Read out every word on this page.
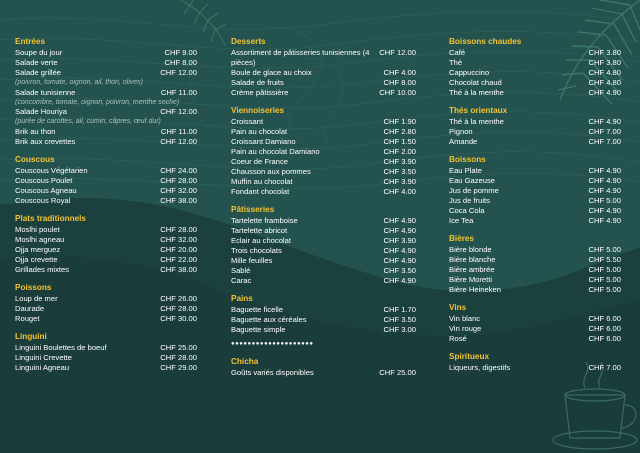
Entrées
Soupe du jour	CHF 9.00
Salade verte	CHF 8.00
Salade grillée	CHF 12.00
(poivron, tomate, oignon, ail, thon, olives)
Salade tunisienne	CHF 11.00
(concombre, tomate, oignon, poivron, menthe seche)
Salade Houriya	CHF 12.00
(purée de carottes, ail, cumin, câpres, œuf dur)
Brik au thon	CHF 11.00
Brik aux crevettes	CHF 12.00
Couscous
Couscous Végétarien	CHF 24.00
Couscous Poulet	CHF 28.00
Couscous Agneau	CHF 32.00
Couscous Royal	CHF 38.00
Plats traditionnels
Moslhi poulet	CHF 28.00
Moslhi agneau	CHF 32.00
Ojja merguez	CHF 20.00
Ojja crevette	CHF 22.00
Grillades mixtes	CHF 38.00
Poissons
Loup de mer	CHF 26.00
Daurade	CHF 28.00
Rouget	CHF 30.00
Linguini
Linguini Boulettes de boeuf	CHF 25.00
Linguini Crevette	CHF 28.00
Linguini Agneau	CHF 29.00
Desserts
Assortiment de pâtisseries tunisiennes (4 pièces)
CHF 12.00
Boule de glace au choix	CHF 4.00
Salade de fruits	CHF 8.00
Crème pâtissière	CHF 10.00
Viennoiseries
Croissant	CHF 1.90
Pain au chocolat	CHF 2.80
Croissant Damiano	CHF 1.50
Pain au chocolat Damiano	CHF 2.00
Coeur de France	CHF 3.90
Chausson aux pommes	CHF 3.50
Muffin au chocolat	CHF 3.90
Fondant chocolat	CHF 4.00
Pâtisseries
Tartelette framboise	CHF 4.90
Tartelette abricot	CHF 4.90
Eclair au chocolat	CHF 3.90
Trois chocolats	CHF 4.90
Mille feuilles	CHF 4.90
Sablé	CHF 3.50
Carac	CHF 4.90
Pains
Baguette ficelle	CHF 1.70
Baguette aux céréales	CHF 3.50
Baguette simple	CHF 3.00
●●●●●●●●●●●●●●●●●●●●
Chicha
Goûts variés disponibles	CHF 25.00
Boissons chaudes
Café	CHF 3.80
Thé	CHF 3.80
Cappuccino	CHF 4.80
Chocolat chaud	CHF 4.80
Thé à la menthe	CHF 4.90
Thés orientaux
Thé à la menthe	CHF 4.90
Pignon	CHF 7.00
Amande	CHF 7.00
Boissons
Eau Plate	CHF 4.90
Eau Gazeuse	CHF 4.90
Jus de pomme	CHF 4.90
Jus de fruits	CHF 5.00
Coca Cola	CHF 4.90
Ice Tea	CHF 4.90
Bières
Bière blonde	CHF 5.00
Bière blanche	CHF 5.50
Bière ambrée	CHF 5.00
Bière Moretti	CHF 5.00
Bière Heineken	CHF 5.00
Vins
Vin blanc	CHF 6.00
Vin rouge	CHF 6.00
Rosé	CHF 6.00
Spiritueux
Liqueurs, digestifs	CHF 7.00
